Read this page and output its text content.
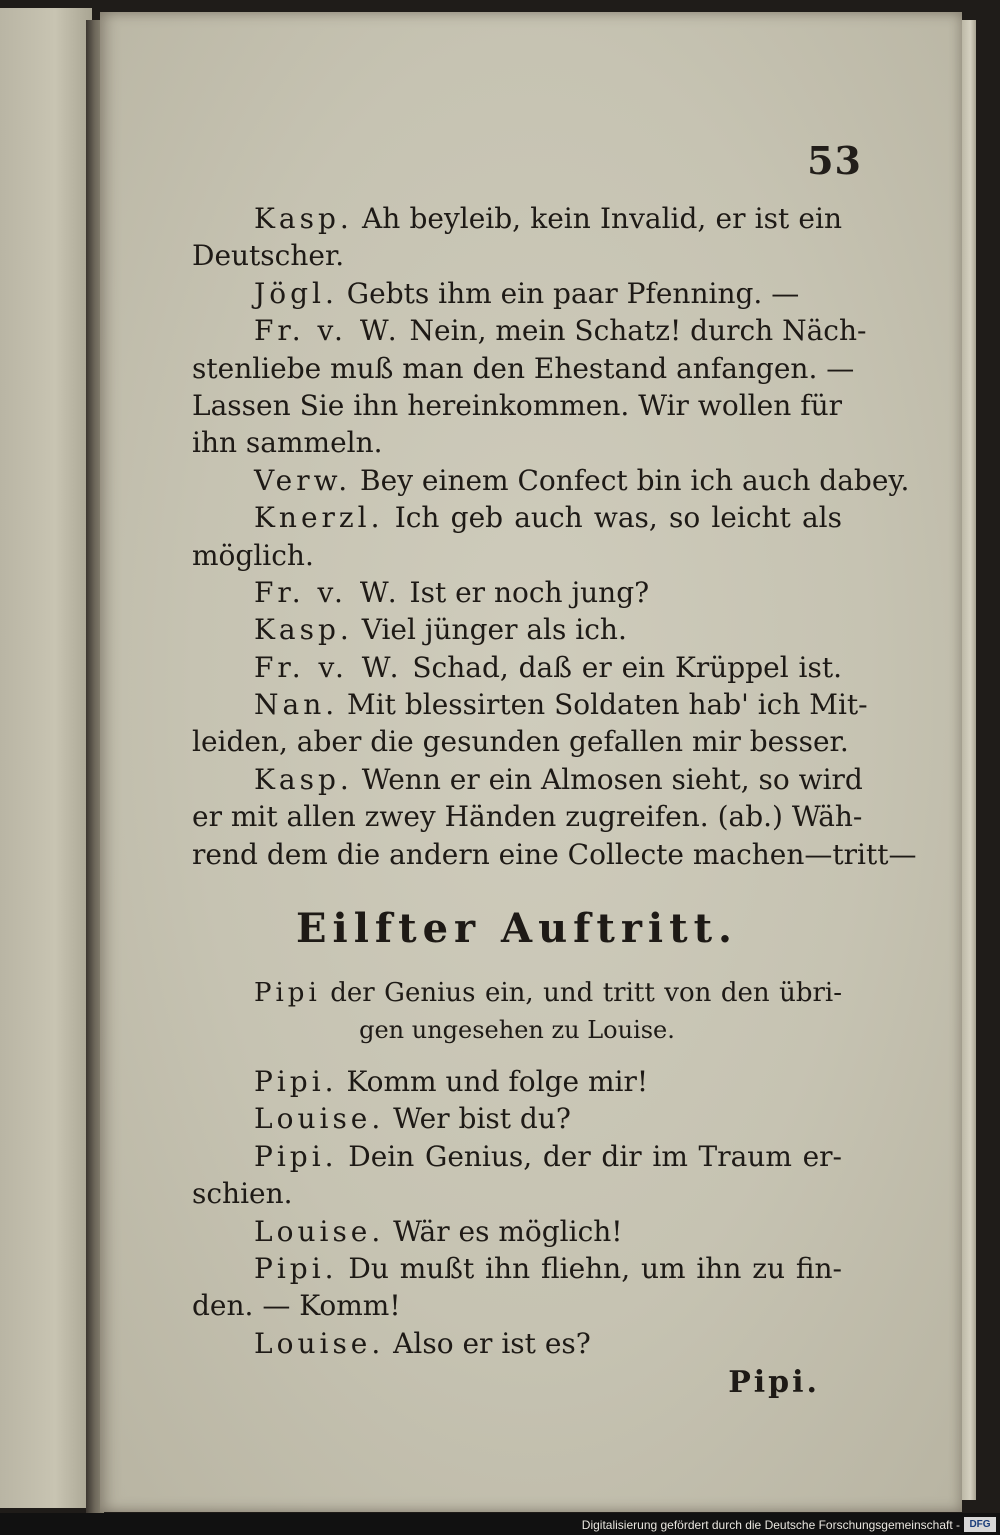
53
Kasp. Ah beyleib, kein Invalid, er ist ein
Deutscher.
Jögl. Gebts ihm ein paar Pfenning. —
Fr. v. W. Nein, mein Schatz! durch Näch-
stenliebe muß man den Ehestand anfangen. —
Lassen Sie ihn hereinkommen. Wir wollen für
ihn sammeln.
Verw. Bey einem Confect bin ich auch dabey.
Knerzl. Ich geb auch was, so leicht als
möglich.
Fr. v. W. Ist er noch jung?
Kasp. Viel jünger als ich.
Fr. v. W. Schad, daß er ein Krüppel ist.
Nan. Mit blessirten Soldaten hab' ich Mit-
leiden, aber die gesunden gefallen mir besser.
Kasp. Wenn er ein Almosen sieht, so wird
er mit allen zwey Händen zugreifen. (ab.) Wäh-
rend dem die andern eine Collecte machen—tritt—
Eilfter Auftritt.
Pipi der Genius ein, und tritt von den übri-
gen ungesehen zu Louise.
Pipi. Komm und folge mir!
Louise. Wer bist du?
Pipi. Dein Genius, der dir im Traum er-
schien.
Louise. Wär es möglich!
Pipi. Du mußt ihn fliehn, um ihn zu fin-
den. — Komm!
Louise. Also er ist es?
Pipi.
Digitalisierung gefördert durch die Deutsche Forschungsgemeinschaft - DFG
